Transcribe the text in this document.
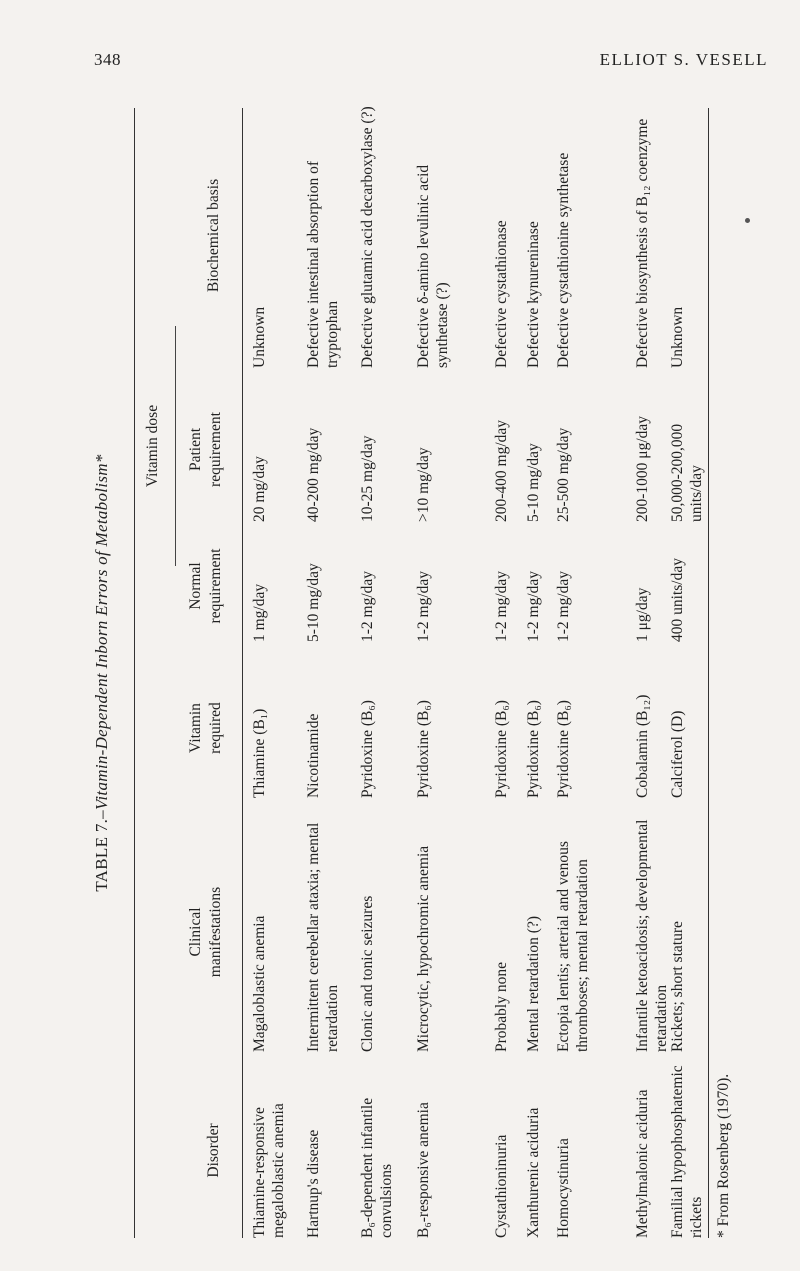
348	ELLIOT S. VESELL
TABLE 7.–Vitamin-Dependent Inborn Errors of Metabolism*
Vitamin dose
Disorder
Clinical manifestations
Vitamin required
Normal requirement
Patient requirement
Biochemical basis
Thiamine-responsive megaloblastic anemia
Magaloblastic anemia
Thiamine (B₁)
1 mg/day
20 mg/day
Unknown
Hartnup's disease
Intermittent cerebellar ataxia; mental retardation
Nicotinamide
5-10 mg/day
40-200 mg/day
Defective intestinal absorption of tryptophan
B₆-dependent infantile convulsions
Clonic and tonic seizures
Pyridoxine (B₆)
1-2 mg/day
10-25 mg/day
Defective glutamic acid decarboxylase (?)
B₆-responsive anemia
Microcytic, hypochromic anemia
Pyridoxine (B₆)
1-2 mg/day
>10 mg/day
Defective δ-amino levulinic acid synthetase (?)
Cystathioninuria
Probably none
Pyridoxine (B₆)
1-2 mg/day
200-400 mg/day
Defective cystathionase
Xanthurenic aciduria
Mental retardation (?)
Pyridoxine (B₆)
1-2 mg/day
5-10 mg/day
Defective kynureninase
Homocystinuria
Ectopia lentis; arterial and venous thromboses; mental retardation
Pyridoxine (B₆)
1-2 mg/day
25-500 mg/day
Defective cystathionine synthetase
Methylmalonic aciduria
Infantile ketoacidosis; developmental retardation
Cobalamin (B₁₂)
1 μg/day
200-1000 μg/day
Defective biosynthesis of B₁₂ coenzyme
Familial hypophosphatemic rickets
Rickets; short stature
Calciferol (D)
400 units/day
50,000-200,000 units/day
Unknown
* From Rosenberg (1970).
